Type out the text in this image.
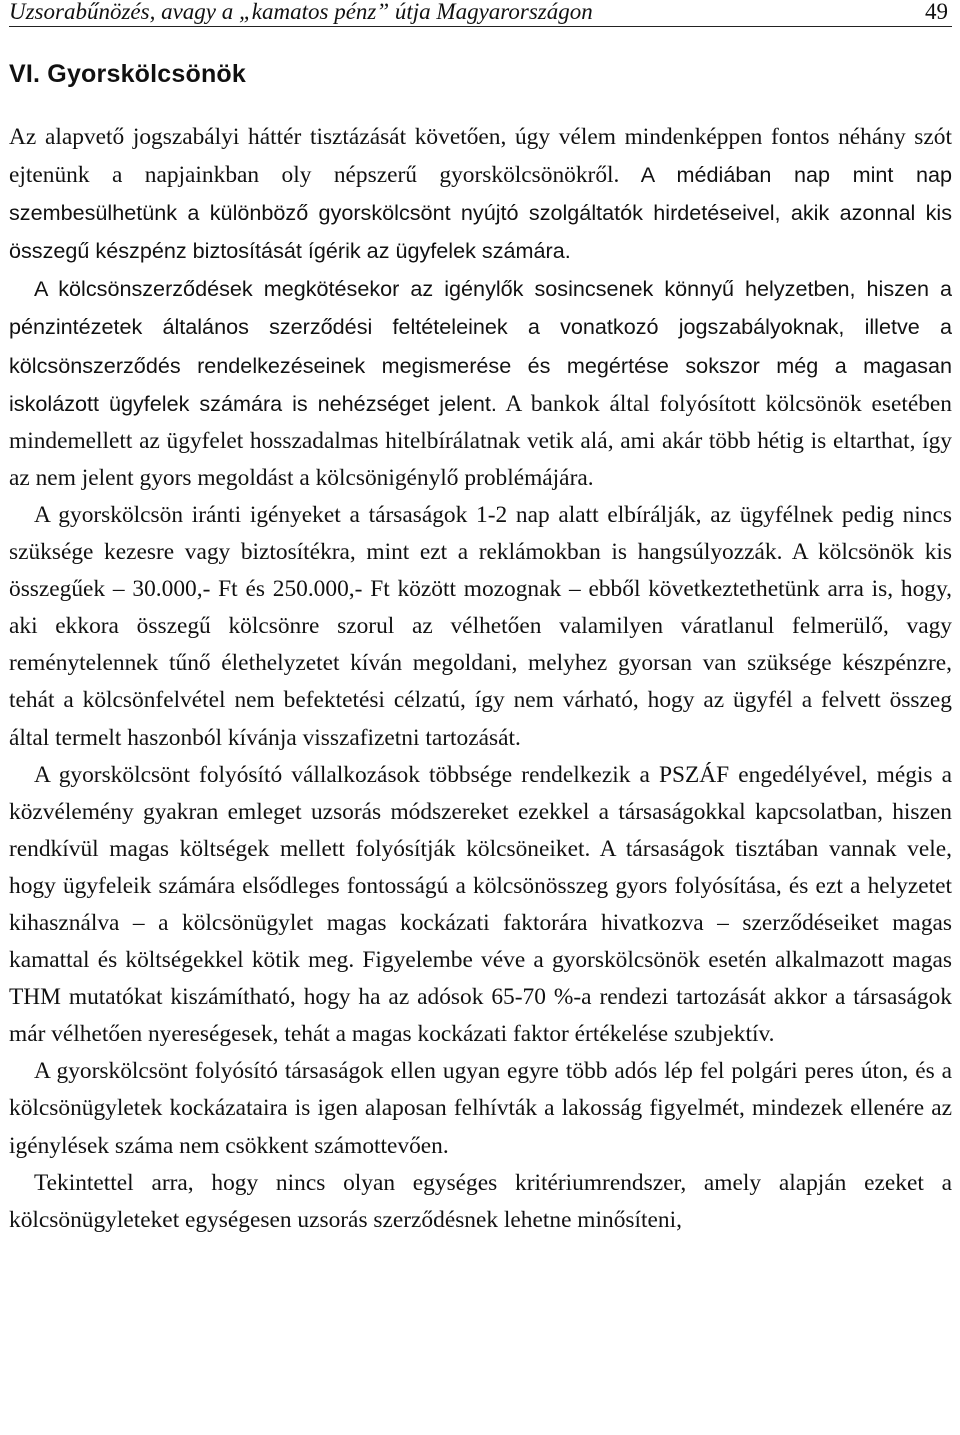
Uzsorabűnözés, avagy a „kamatos pénz” útja Magyarországon	49
VI. Gyorskölcsönök

Az alapvető jogszabályi háttér tisztázását követően, úgy vélem mindenképpen fontos néhány szót ejtenünk a napjainkban oly népszerű gyorskölcsönökről. A médiában nap mint nap szembesülhetünk a különböző gyorskölcsönt nyújtó szolgáltatók hirdetéseivel, akik azonnal kis összegű készpénz biztosítását ígérik az ügyfelek számára.

A kölcsönszerződések megkötésekor az igénylők sosincsenek könnyű helyzetben, hiszen a pénzintézetek általános szerződési feltételeinek a vonatkozó jogszabályoknak, illetve a kölcsönszerződés rendelkezéseinek megismerése és megértése sokszor még a magasan iskolázott ügyfelek számára is nehézséget jelent. A bankok által folyósított kölcsönök esetében mindemellett az ügyfelet hosszadalmas hitelbírálatnak vetik alá, ami akár több hétig is eltarthat, így az nem jelent gyors megoldást a kölcsönigénylő problémájára.

A gyorskölcsön iránti igényeket a társaságok 1-2 nap alatt elbírálják, az ügyfélnek pedig nincs szüksége kezesre vagy biztosítékra, mint ezt a reklámokban is hangsúlyozzák. A kölcsönök kis összegűek – 30.000,- Ft és 250.000,- Ft között mozognak – ebből következtethetünk arra is, hogy, aki ekkora összegű kölcsönre szorul az vélhetően valamilyen váratlanul felmerülő, vagy reménytelennek tűnő élethelyzetet kíván megoldani, melyhez gyorsan van szüksége készpénzre, tehát a kölcsönfelvétel nem befektetési célzatú, így nem várható, hogy az ügyfél a felvett összeg által termelt haszonból kívánja visszafizetni tartozását.

A gyorskölcsönt folyósító vállalkozások többsége rendelkezik a PSZÁF engedélyével, mégis a közvélemény gyakran emleget uzsorás módszereket ezekkel a társaságokkal kapcsolatban, hiszen rendkívül magas költségek mellett folyósítják kölcsöneiket. A társaságok tisztában vannak vele, hogy ügyfeleik számára elsődleges fontosságú a kölcsönösszeg gyors folyósítása, és ezt a helyzetet kihasználva – a kölcsönügylet magas kockázati faktorára hivatkozva – szerződéseiket magas kamattal és költségekkel kötik meg. Figyelembe véve a gyorskölcsönök esetén alkalmazott magas THM mutatókat kiszámítható, hogy ha az adósok 65-70 %-a rendezi tartozását akkor a társaságok már vélhetően nyereségesek, tehát a magas kockázati faktor értékelése szubjektív.

A gyorskölcsönt folyósító társaságok ellen ugyan egyre több adós lép fel polgári peres úton, és a kölcsönügyletek kockázataira is igen alaposan felhívták a lakosság figyelmét, mindezek ellenére az igénylések száma nem csökkent számottevően.

Tekintettel arra, hogy nincs olyan egységes kritériumrendszer, amely alapján ezeket a kölcsönügyleteket egységesen uzsorás szerződésnek lehetne minősíteni,
